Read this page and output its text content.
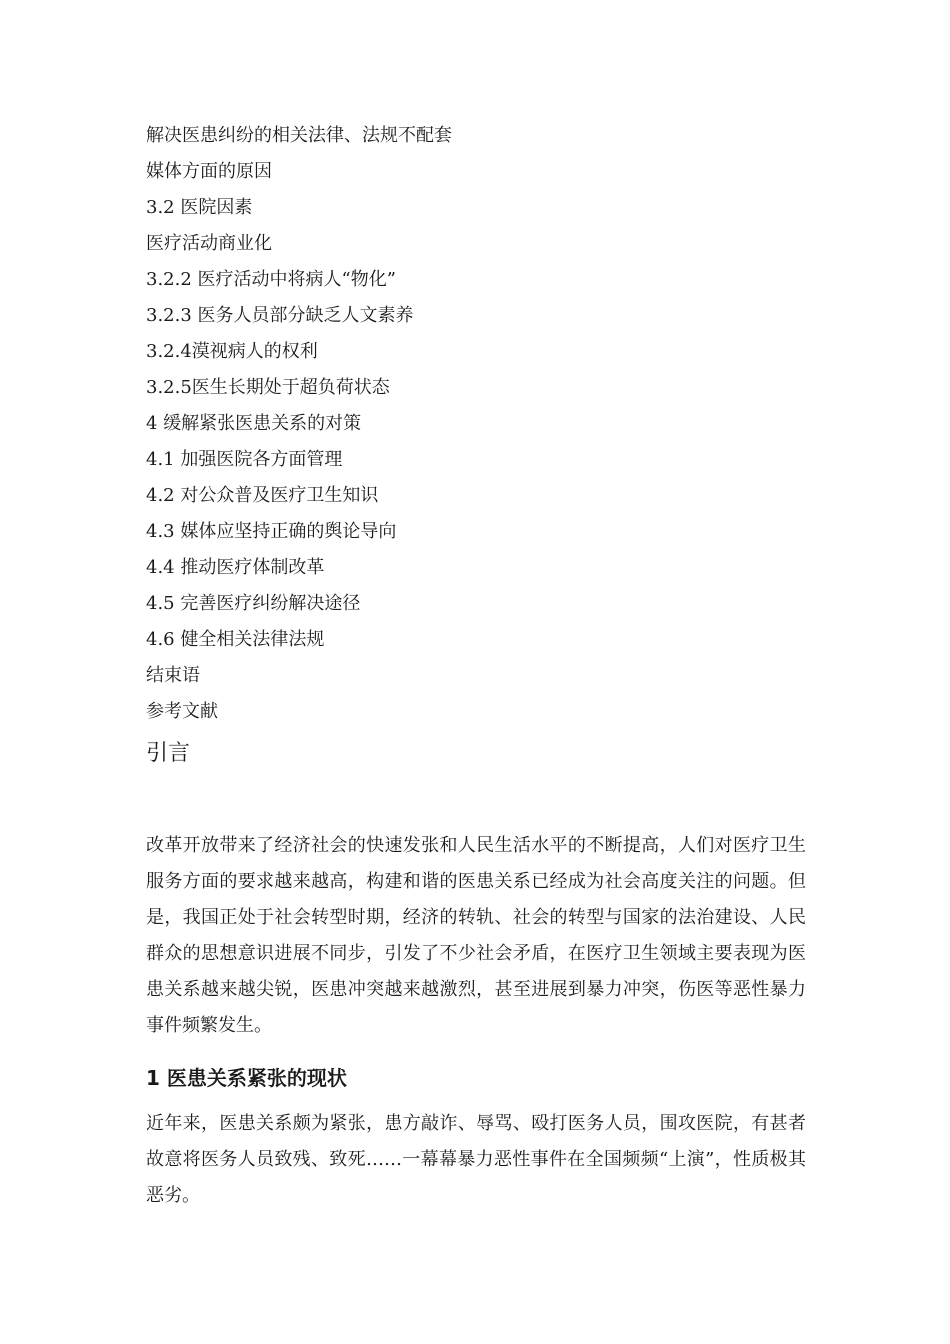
解决医患纠纷的相关法律、法规不配套
媒体方面的原因
3.2 医院因素
医疗活动商业化
3.2.2 医疗活动中将病人“物化”
3.2.3 医务人员部分缺乏人文素养
3.2.4漠视病人的权利
3.2.5医生长期处于超负荷状态
4 缓解紧张医患关系的对策
4.1 加强医院各方面管理
4.2 对公众普及医疗卫生知识
4.3 媒体应坚持正确的舆论导向
4.4 推动医疗体制改革
4.5 完善医疗纠纷解决途径
4.6 健全相关法律法规
结束语
参考文献
引言

改革开放带来了经济社会的快速发张和人民生活水平的不断提高，人们对医疗卫生服务方面的要求越来越高，构建和谐的医患关系已经成为社会高度关注的问题。但是，我国正处于社会转型时期，经济的转轨、社会的转型与国家的法治建设、人民群众的思想意识进展不同步，引发了不少社会矛盾，在医疗卫生领域主要表现为医患关系越来越尖锐，医患冲突越来越激烈，甚至进展到暴力冲突，伤医等恶性暴力事件频繁发生。

1 医患关系紧张的现状

近年来，医患关系颇为紧张，患方敲诈、辱骂、殴打医务人员，围攻医院，有甚者故意将医务人员致残、致死……一幕幕暴力恶性事件在全国频频“上演”，性质极其恶劣。
